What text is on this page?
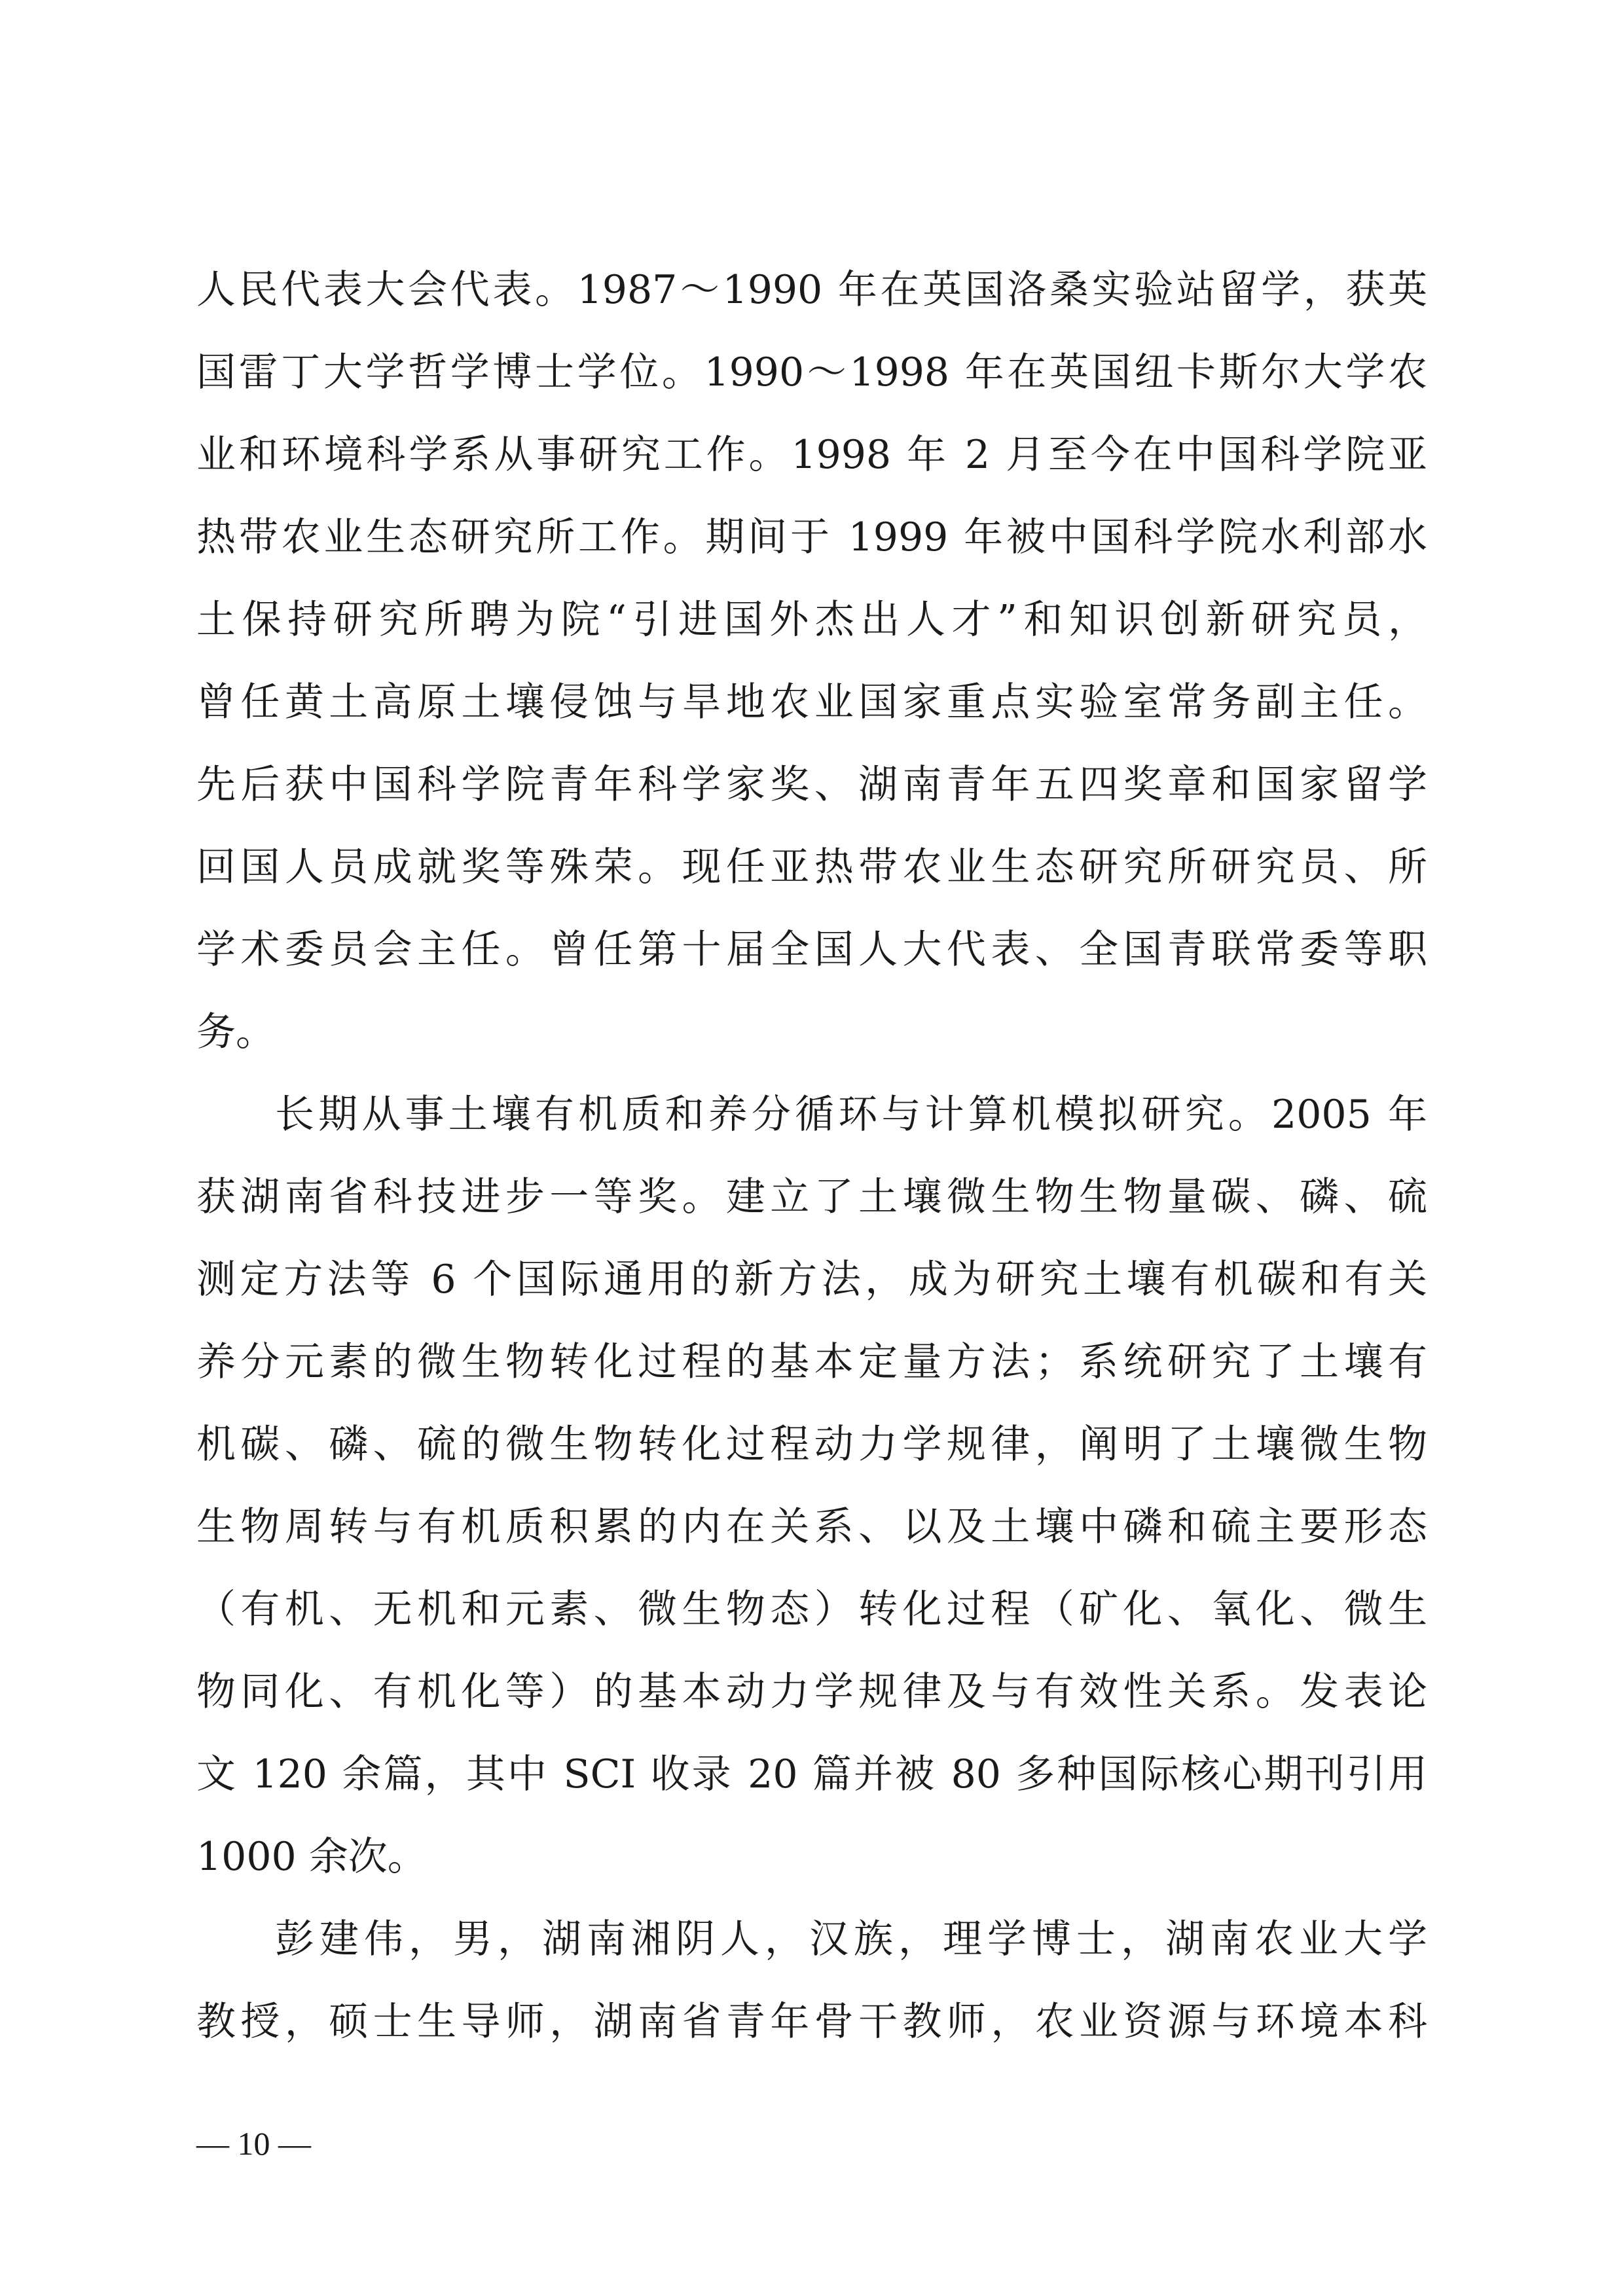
人民代表大会代表。1987～1990 年在英国洛桑实验站留学，获英
国雷丁大学哲学博士学位。1990～1998 年在英国纽卡斯尔大学农
业和环境科学系从事研究工作。1998 年 2 月至今在中国科学院亚
热带农业生态研究所工作。期间于 1999 年被中国科学院水利部水
土保持研究所聘为院“引进国外杰出人才”和知识创新研究员，
曾任黄土高原土壤侵蚀与旱地农业国家重点实验室常务副主任。
先后获中国科学院青年科学家奖、湖南青年五四奖章和国家留学
回国人员成就奖等殊荣。现任亚热带农业生态研究所研究员、所
学术委员会主任。曾任第十届全国人大代表、全国青联常委等职
务。
长期从事土壤有机质和养分循环与计算机模拟研究。2005 年
获湖南省科技进步一等奖。建立了土壤微生物生物量碳、磷、硫
测定方法等 6 个国际通用的新方法，成为研究土壤有机碳和有关
养分元素的微生物转化过程的基本定量方法；系统研究了土壤有
机碳、磷、硫的微生物转化过程动力学规律，阐明了土壤微生物
生物周转与有机质积累的内在关系、以及土壤中磷和硫主要形态
（有机、无机和元素、微生物态）转化过程（矿化、氧化、微生
物同化、有机化等）的基本动力学规律及与有效性关系。发表论
文 120 余篇，其中 SCI 收录 20 篇并被 80 多种国际核心期刊引用
1000 余次。
彭建伟，男，湖南湘阴人，汉族，理学博士，湖南农业大学
教授，硕士生导师，湖南省青年骨干教师，农业资源与环境本科
— 10 —
